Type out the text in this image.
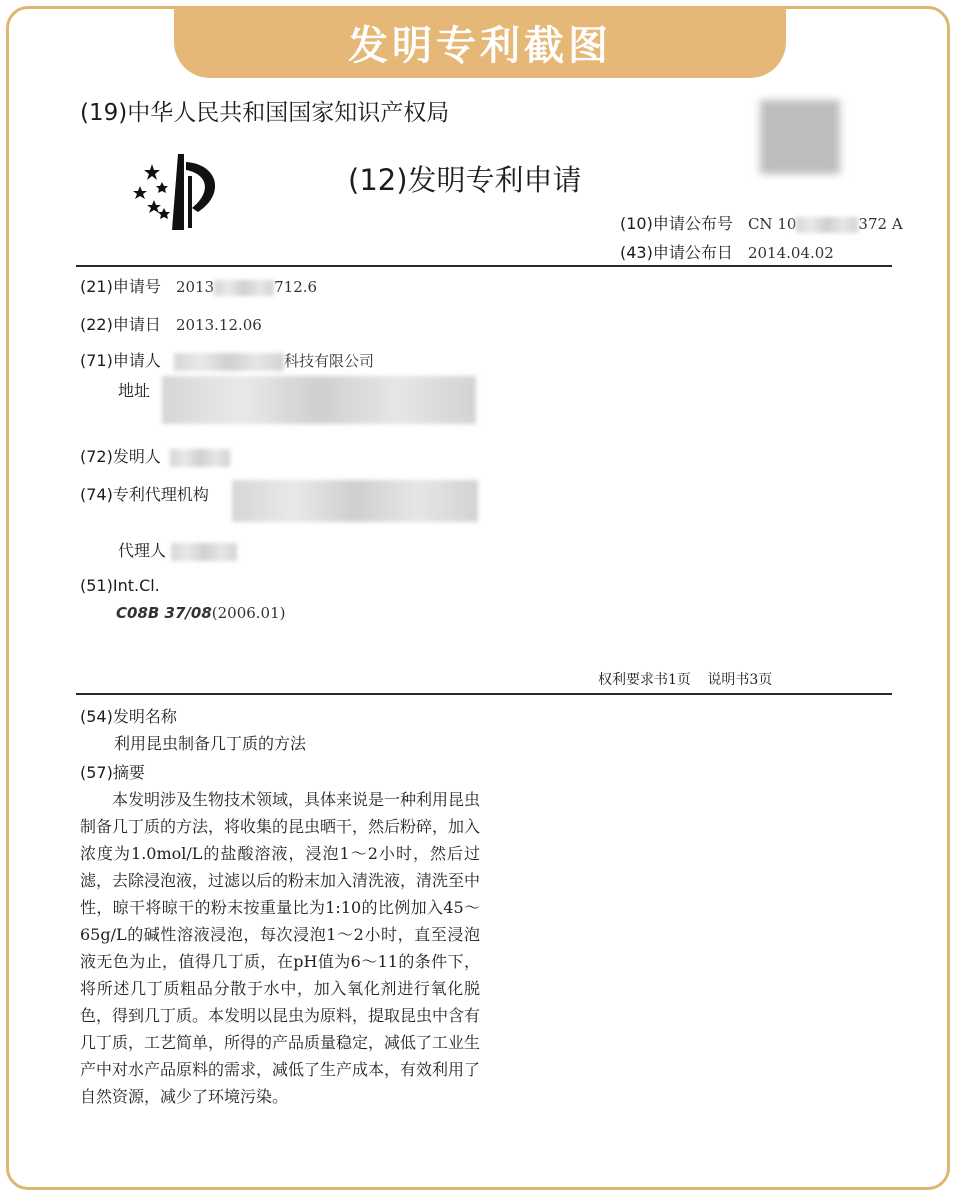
发明专利截图
(19)中华人民共和国国家知识产权局
(12)发明专利申请
(10)申请公布号 CN 10	372 A
(43)申请公布日 2014.04.02
(21)申请号 2013	712.6
(22)申请日 2013.12.06
(71)申请人	科技有限公司
地址
(72)发明人
(74)专利代理机构
代理人
(51)Int.Cl.
C08B 37/08(2006.01)
权利要求书1页 说明书3页
(54)发明名称
利用昆虫制备几丁质的方法
(57)摘要
本发明涉及生物技术领域，具体来说是一种利用昆虫制备几丁质的方法，将收集的昆虫晒干，然后粉碎，加入浓度为1.0mol/L的盐酸溶液，浸泡1～2小时，然后过滤，去除浸泡液，过滤以后的粉末加入清洗液，清洗至中性，晾干将晾干的粉末按重量比为1:10的比例加入45～65g/L的碱性溶液浸泡，每次浸泡1～2小时，直至浸泡液无色为止，值得几丁质，在pH值为6～11的条件下，将所述几丁质粗品分散于水中，加入氧化剂进行氧化脱色，得到几丁质。本发明以昆虫为原料，提取昆虫中含有几丁质，工艺简单，所得的产品质量稳定，减低了工业生产中对水产品原料的需求，减低了生产成本，有效利用了自然资源，减少了环境污染。
